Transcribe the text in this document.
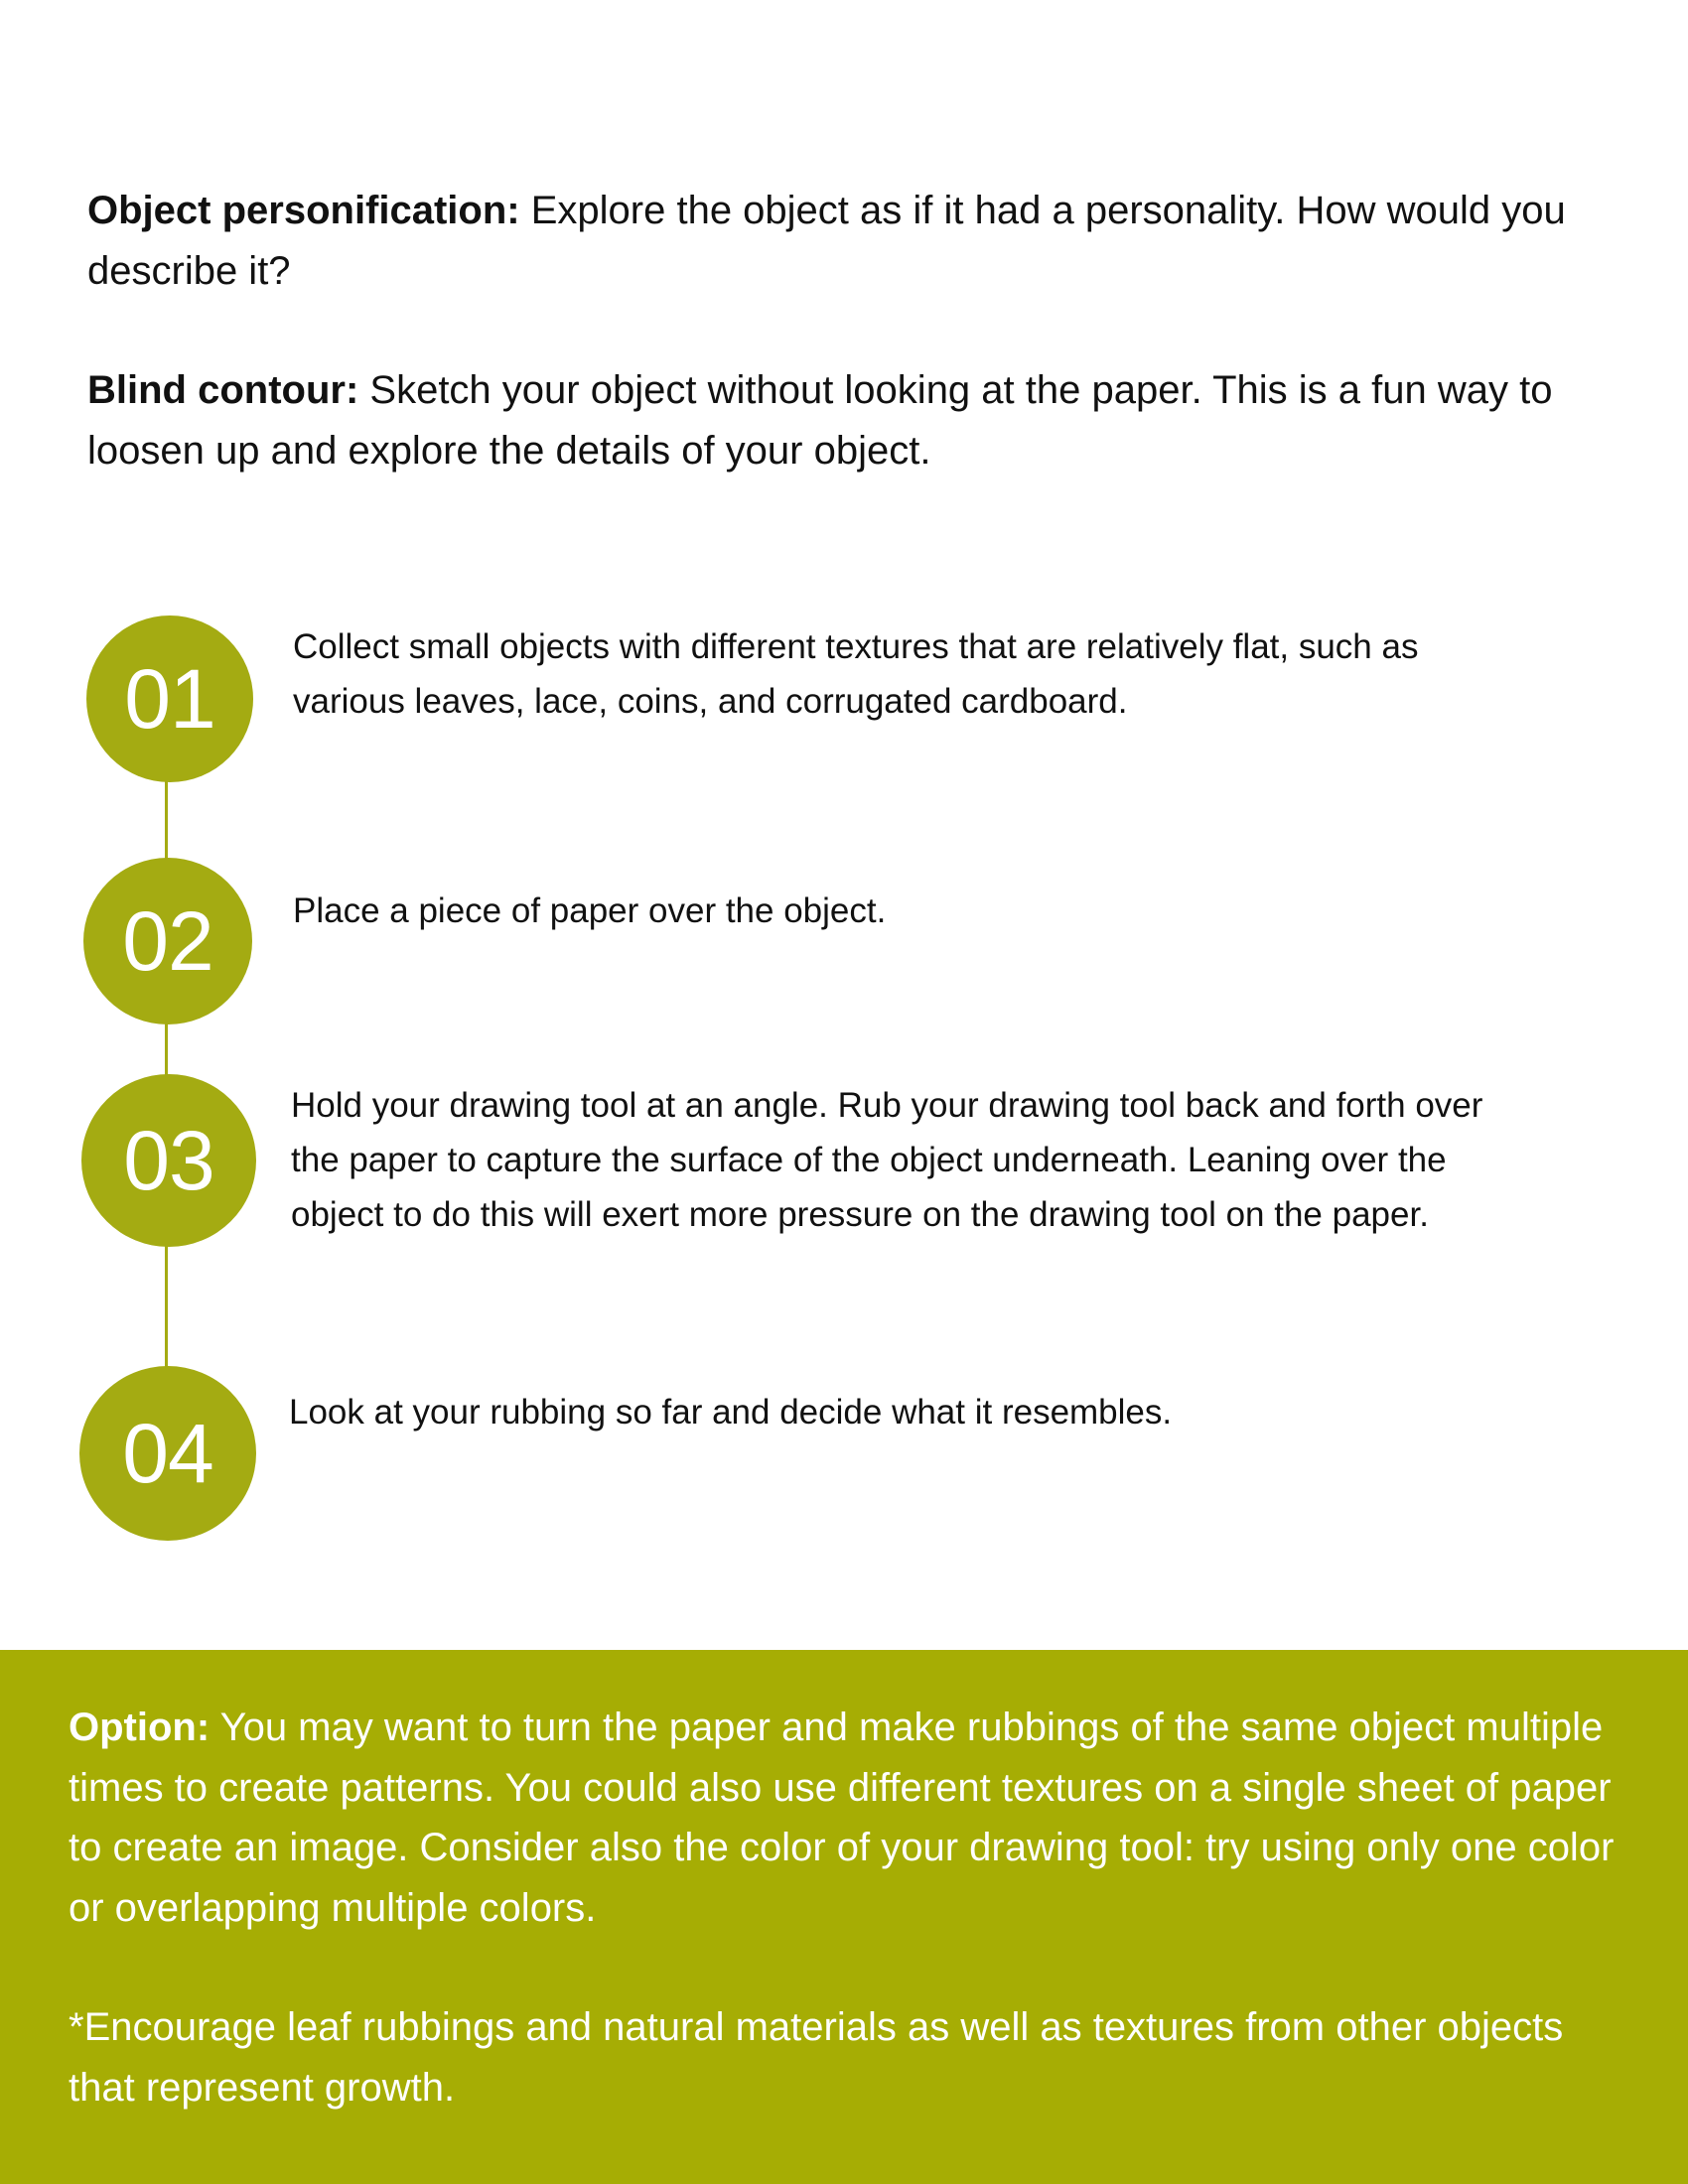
Object personification: Explore the object as if it had a personality. How would you describe it?

Blind contour: Sketch your object without looking at the paper. This is a fun way to loosen up and explore the details of your object.

01

Collect small objects with different textures that are relatively flat, such as various leaves, lace, coins, and corrugated cardboard.

02 Place a piece of paper over the object.

03

Hold your drawing tool at an angle. Rub your drawing tool back and forth over the paper to capture the surface of the object underneath. Leaning over the object to do this will exert more pressure on the drawing tool on the paper.

04 Look at your rubbing so far and decide what it resembles.

Option: You may want to turn the paper and make rubbings of the same object multiple times to create patterns. You could also use different textures on a single sheet of paper to create an image. Consider also the color of your drawing tool: try using only one color or overlapping multiple colors.

*Encourage leaf rubbings and natural materials as well as textures from other objects that represent growth.
